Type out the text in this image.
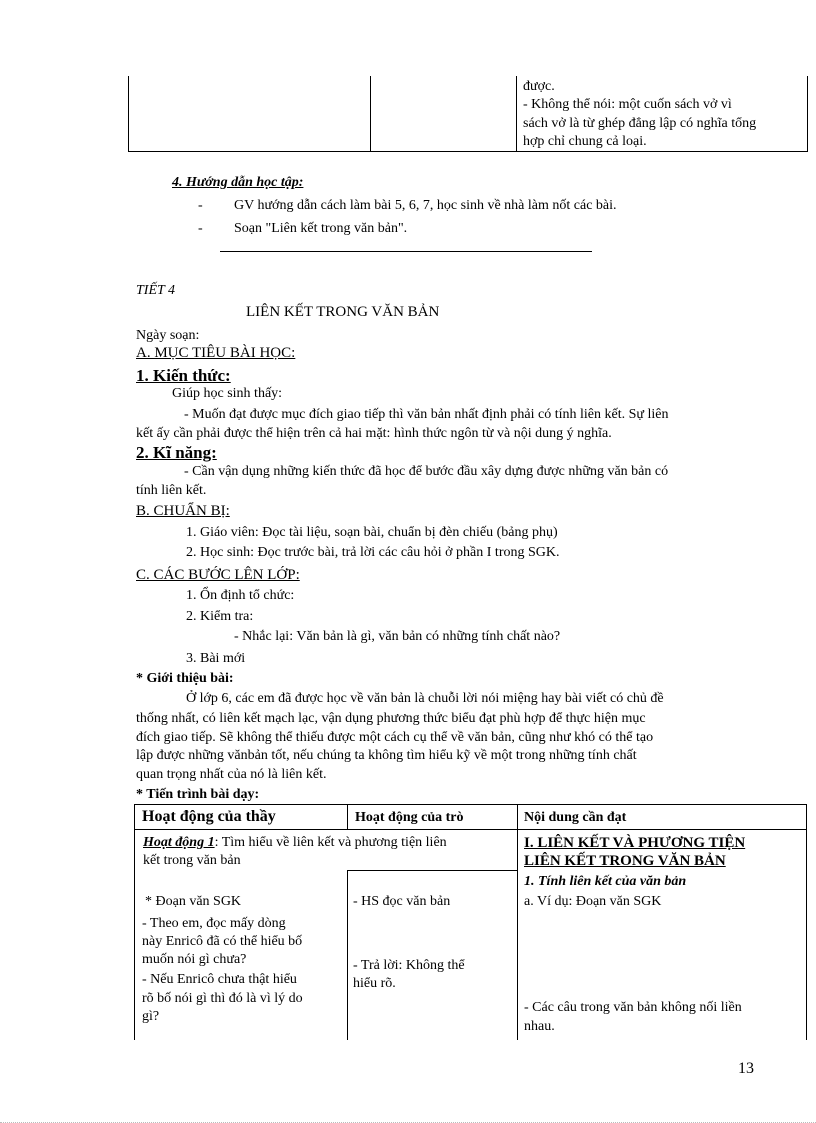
được.
- Không thể nói: một cuốn sách vở vì
sách vở là từ ghép đẳng lập có nghĩa tổng
hợp chỉ chung cả loại.
4. Hướng dẫn học tập:
- GV hướng dẫn cách làm bài 5, 6, 7, học sinh về nhà làm nốt các bài.
- Soạn "Liên kết trong văn bản".
TIẾT 4
LIÊN KẾT TRONG VĂN BẢN
Ngày soạn:
A. MỤC TIÊU BÀI HỌC:
1. Kiến thức:
Giúp học sinh thấy:
- Muốn đạt được mục đích giao tiếp thì văn bản nhất định phải có tính liên kết. Sự liên
kết ấy cần phải được thể hiện trên cả hai mặt: hình thức ngôn từ và nội dung ý nghĩa.
2. Kĩ năng:
- Cần vận dụng những kiến thức đã học để bước đầu xây dựng được những văn bản có
tính liên kết.
B. CHUẨN BỊ:
1. Giáo viên: Đọc tài liệu, soạn bài, chuẩn bị đèn chiếu (bảng phụ)
2. Học sinh: Đọc trước bài, trả lời các câu hỏi ở phần I trong SGK.
C. CÁC BƯỚC LÊN LỚP:
1. Ổn định tổ chức:
2. Kiểm tra:
- Nhắc lại: Văn bản là gì, văn bản có những tính chất nào?
3. Bài mới
* Giới thiệu bài:
Ở lớp 6, các em đã được học về văn bản là chuỗi lời nói miệng hay bài viết có chủ đề
thống nhất, có liên kết mạch lạc, vận dụng phương thức biểu đạt phù hợp để thực hiện mục
đích giao tiếp. Sẽ không thể thiếu được một cách cụ thể về văn bản, cũng như khó có thể tạo
lập được những vănbản tốt, nếu chúng ta không tìm hiểu kỹ về một trong những tính chất
quan trọng nhất của nó là liên kết.
* Tiến trình bài dạy:
Hoạt động của thầy	Hoạt động của trò	Nội dung cần đạt
Hoạt động 1: Tìm hiểu về liên kết và phương tiện liên
kết trong văn bản
I. LIÊN KẾT VÀ PHƯƠNG TIỆN
LIÊN KẾT TRONG VĂN BẢN
1. Tính liên kết của văn bản
* Đoạn văn SGK
- Theo em, đọc mấy dòng
này Enricô đã có thể hiểu bố
muốn nói gì chưa?
- Nếu Enricô chưa thật hiểu
rõ bố nói gì thì đó là vì lý do
gì?
- HS đọc văn bản
- Trả lời: Không thể
hiểu rõ.
a. Ví dụ: Đoạn văn SGK
- Các câu trong văn bản không nối liền
nhau.
13
